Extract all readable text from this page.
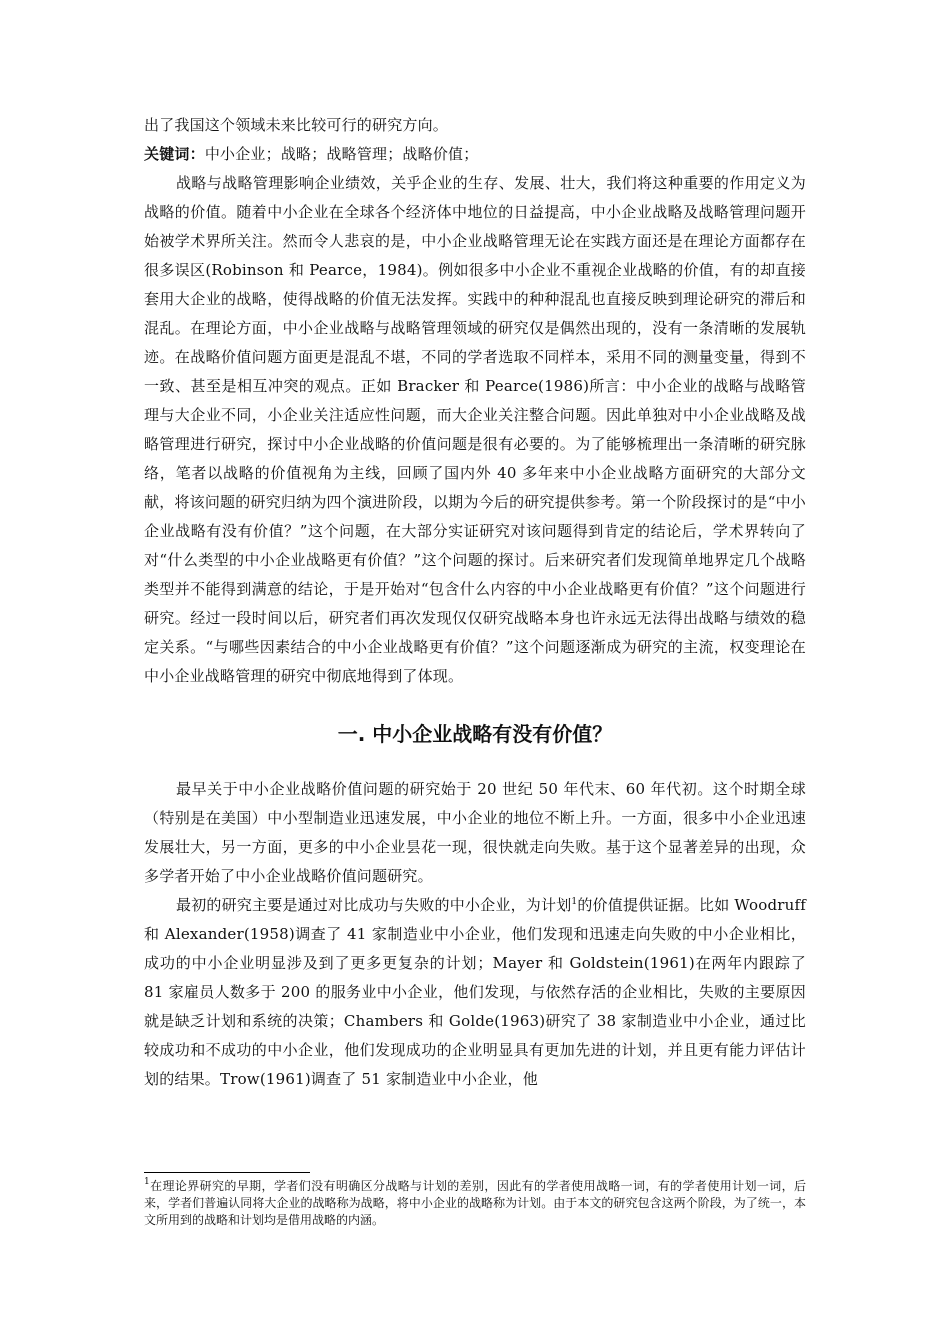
出了我国这个领域未来比较可行的研究方向。

关键词：中小企业；战略；战略管理；战略价值；

战略与战略管理影响企业绩效，关乎企业的生存、发展、壮大，我们将这种重要的作用定义为战略的价值。随着中小企业在全球各个经济体中地位的日益提高，中小企业战略及战略管理问题开始被学术界所关注。然而令人悲哀的是，中小企业战略管理无论在实践方面还是在理论方面都存在很多误区(Robinson 和 Pearce，1984)。例如很多中小企业不重视企业战略的价值，有的却直接套用大企业的战略，使得战略的价值无法发挥。实践中的种种混乱也直接反映到理论研究的滞后和混乱。在理论方面，中小企业战略与战略管理领域的研究仅是偶然出现的，没有一条清晰的发展轨迹。在战略价值问题方面更是混乱不堪，不同的学者选取不同样本，采用不同的测量变量，得到不一致、甚至是相互冲突的观点。正如 Bracker 和 Pearce(1986)所言：中小企业的战略与战略管理与大企业不同，小企业关注适应性问题，而大企业关注整合问题。因此单独对中小企业战略及战略管理进行研究，探讨中小企业战略的价值问题是很有必要的。为了能够梳理出一条清晰的研究脉络，笔者以战略的价值视角为主线，回顾了国内外 40 多年来中小企业战略方面研究的大部分文献，将该问题的研究归纳为四个演进阶段，以期为今后的研究提供参考。第一个阶段探讨的是“中小企业战略有没有价值？”这个问题，在大部分实证研究对该问题得到肯定的结论后，学术界转向了对“什么类型的中小企业战略更有价值？”这个问题的探讨。后来研究者们发现简单地界定几个战略类型并不能得到满意的结论，于是开始对“包含什么内容的中小企业战略更有价值？”这个问题进行研究。经过一段时间以后，研究者们再次发现仅仅研究战略本身也许永远无法得出战略与绩效的稳定关系。“与哪些因素结合的中小企业战略更有价值？”这个问题逐渐成为研究的主流，权变理论在中小企业战略管理的研究中彻底地得到了体现。

一. 中小企业战略有没有价值？

最早关于中小企业战略价值问题的研究始于 20 世纪 50 年代末、60 年代初。这个时期全球（特别是在美国）中小型制造业迅速发展，中小企业的地位不断上升。一方面，很多中小企业迅速发展壮大，另一方面，更多的中小企业昙花一现，很快就走向失败。基于这个显著差异的出现，众多学者开始了中小企业战略价值问题研究。

最初的研究主要是通过对比成功与失败的中小企业，为计划$^1$的价值提供证据。比如 Woodruff 和 Alexander(1958)调查了 41 家制造业中小企业，他们发现和迅速走向失败的中小企业相比，成功的中小企业明显涉及到了更多更复杂的计划；Mayer 和 Goldstein(1961)在两年内跟踪了 81 家雇员人数多于 200 的服务业中小企业，他们发现，与依然存活的企业相比，失败的主要原因就是缺乏计划和系统的决策；Chambers 和 Golde(1963)研究了 38 家制造业中小企业，通过比较成功和不成功的中小企业，他们发现成功的企业明显具有更加先进的计划，并且更有能力评估计划的结果。Trow(1961)调查了 51 家制造业中小企业，他

$^1$在理论界研究的早期，学者们没有明确区分战略与计划的差别，因此有的学者使用战略一词，有的学者使用计划一词，后来，学者们普遍认同将大企业的战略称为战略，将中小企业的战略称为计划。由于本文的研究包含这两个阶段，为了统一，本文所用到的战略和计划均是借用战略的内涵。
